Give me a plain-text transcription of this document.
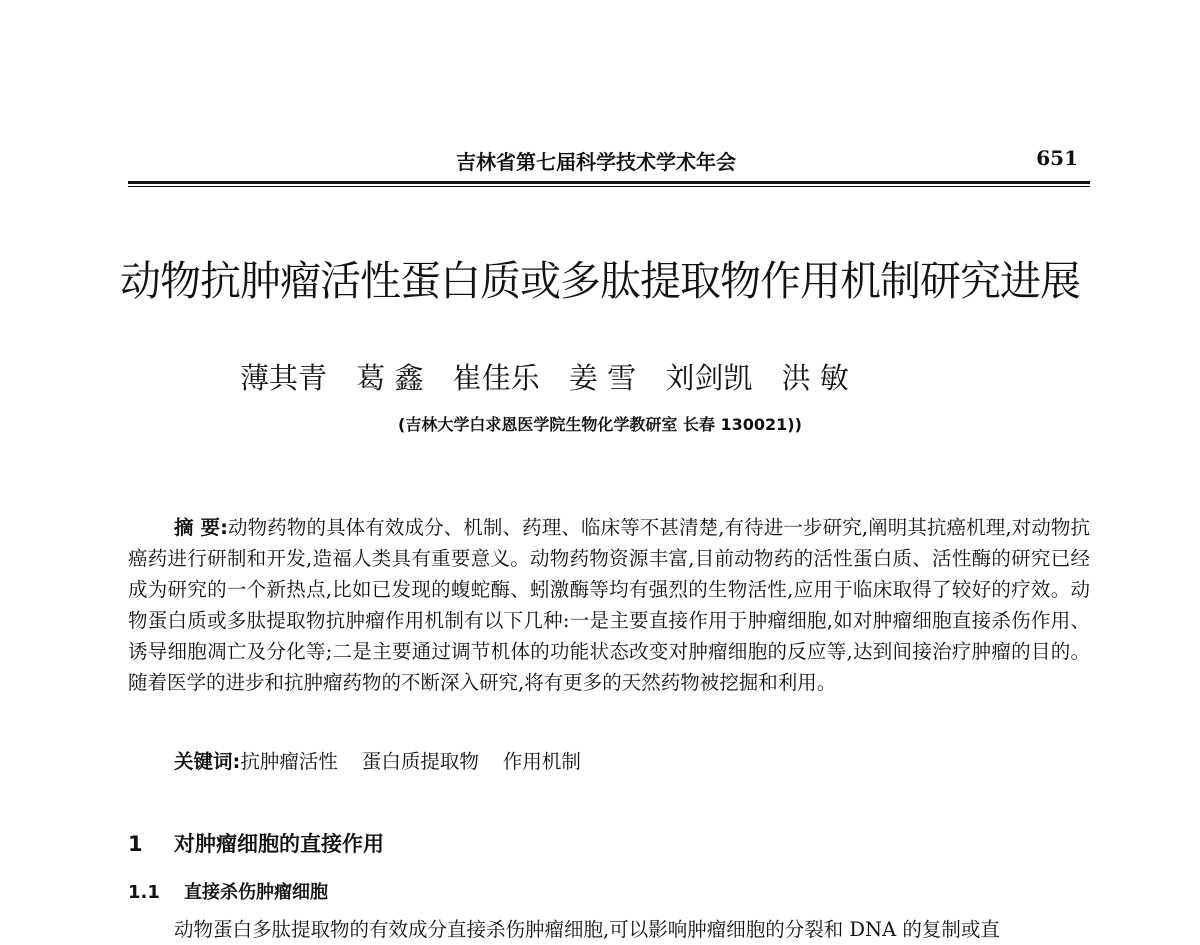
吉林省第七届科学技术学术年会	651
动物抗肿瘤活性蛋白质或多肽提取物作用机制研究进展
薄其青 葛 鑫 崔佳乐 姜 雪 刘剑凯 洪 敏
(吉林大学白求恩医学院生物化学教研室 长春 130021))

摘 要:动物药物的具体有效成分、机制、药理、临床等不甚清楚,有待进一步研究,阐明其抗癌机理,对动物抗癌药进行研制和开发,造福人类具有重要意义。动物药物资源丰富,目前动物药的活性蛋白质、活性酶的研究已经成为研究的一个新热点,比如已发现的蝮蛇酶、蚓激酶等均有强烈的生物活性,应用于临床取得了较好的疗效。动物蛋白质或多肽提取物抗肿瘤作用机制有以下几种:一是主要直接作用于肿瘤细胞,如对肿瘤细胞直接杀伤作用、诱导细胞凋亡及分化等;二是主要通过调节机体的功能状态改变对肿瘤细胞的反应等,达到间接治疗肿瘤的目的。随着医学的进步和抗肿瘤药物的不断深入研究,将有更多的天然药物被挖掘和利用。

关键词:抗肿瘤活性 蛋白质提取物 作用机制
1 对肿瘤细胞的直接作用
1.1 直接杀伤肿瘤细胞
动物蛋白多肽提取物的有效成分直接杀伤肿瘤细胞,可以影响肿瘤细胞的分裂和 DNA 的复制或直
